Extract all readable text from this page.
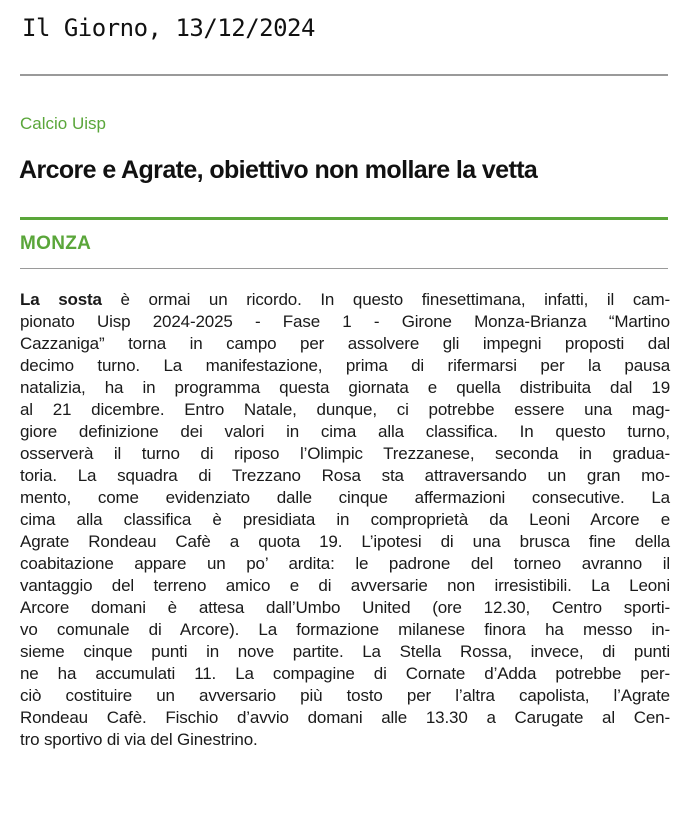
Il Giorno, 13/12/2024
Calcio Uisp
Arcore e Agrate, obiettivo non mollare la vetta
MONZA
La sosta è ormai un ricordo. In questo finesettimana, infatti, il cam-
pionato Uisp 2024-2025 - Fase 1 - Girone Monza-Brianza “Martino
Cazzaniga” torna in campo per assolvere gli impegni proposti dal
decimo turno. La manifestazione, prima di rifermarsi per la pausa
natalizia, ha in programma questa giornata e quella distribuita dal 19
al 21 dicembre. Entro Natale, dunque, ci potrebbe essere una mag-
giore definizione dei valori in cima alla classifica. In questo turno,
osserverà il turno di riposo l’Olimpic Trezzanese, seconda in gradua-
toria. La squadra di Trezzano Rosa sta attraversando un gran mo-
mento, come evidenziato dalle cinque affermazioni consecutive. La
cima alla classifica è presidiata in comproprietà da Leoni Arcore e
Agrate Rondeau Cafè a quota 19. L’ipotesi di una brusca fine della
coabitazione appare un po’ ardita: le padrone del torneo avranno il
vantaggio del terreno amico e di avversarie non irresistibili. La Leoni
Arcore domani è attesa dall’Umbo United (ore 12.30, Centro sporti-
vo comunale di Arcore). La formazione milanese finora ha messo in-
sieme cinque punti in nove partite. La Stella Rossa, invece, di punti
ne ha accumulati 11. La compagine di Cornate d’Adda potrebbe per-
ciò costituire un avversario più tosto per l’altra capolista, l’Agrate
Rondeau Cafè. Fischio d’avvio domani alle 13.30 a Carugate al Cen-
tro sportivo di via del Ginestrino.
